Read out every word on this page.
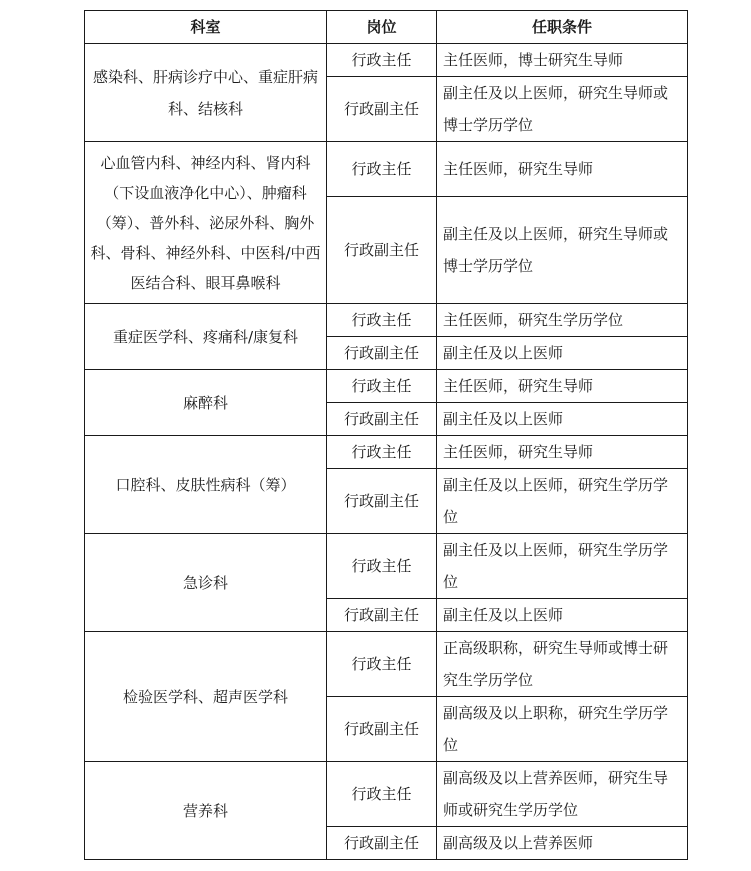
科室	岗位	任职条件
感染科、肝病诊疗中心、重症肝病科、结核科	行政主任	主任医师，博士研究生导师
	行政副主任	副主任及以上医师，研究生导师或博士学历学位
心血管内科、神经内科、肾内科（下设血液净化中心）、肿瘤科（筹）、普外科、泌尿外科、胸外科、骨科、神经外科、中医科/中西医结合科、眼耳鼻喉科	行政主任	主任医师，研究生导师
	行政副主任	副主任及以上医师，研究生导师或博士学历学位
重症医学科、疼痛科/康复科	行政主任	主任医师，研究生学历学位
	行政副主任	副主任及以上医师
麻醉科	行政主任	主任医师，研究生导师
	行政副主任	副主任及以上医师
口腔科、皮肤性病科（筹）	行政主任	主任医师，研究生导师
	行政副主任	副主任及以上医师，研究生学历学位
急诊科	行政主任	副主任及以上医师，研究生学历学位
	行政副主任	副主任及以上医师
检验医学科、超声医学科	行政主任	正高级职称，研究生导师或博士研究生学历学位
	行政副主任	副高级及以上职称，研究生学历学位
营养科	行政主任	副高级及以上营养医师，研究生导师或研究生学历学位
	行政副主任	副高级及以上营养医师
